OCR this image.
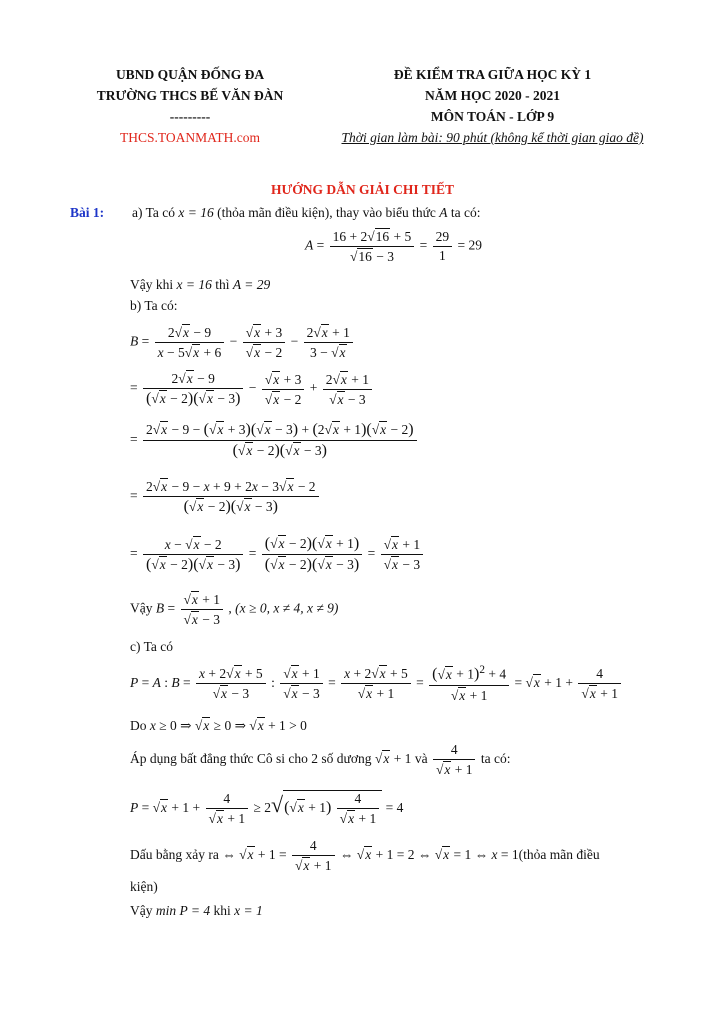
UBND QUẬN ĐỐNG ĐA
TRƯỜNG THCS BẾ VĂN ĐÀN
---------
THCS.TOANMATH.com
ĐỀ KIỂM TRA GIỮA HỌC KỲ 1
NĂM HỌC 2020 - 2021
MÔN TOÁN - LỚP 9
Thời gian làm bài: 90 phút (không kể thời gian giao đề)
HƯỚNG DẪN GIẢI CHI TIẾT
Bài 1: a) Ta có x = 16 (thỏa mãn điều kiện), thay vào biểu thức A ta có:
A = 16 + 2 √ 16 + 5
√ $16 - 3 = \frac{29}{1} = 29$
Vậy khi x = 16 thì A = 29
b) Ta có:
$B = \frac{2 √ x - 9}{x - 5 √ x + 6}$ − √ x + 3
√ $x - 2 - \frac{2 √ x + 1}{3 - √ x}$
= $\frac{2 √ x - 9}{( √ x - 2)( √ x - 3)}$ − √ x + 3
√ x − 2 + 2 √ x + 1
√ x − 3
= $\frac{2 √ x - 9 - ( √ x + 3)( √ x - 3) + (2 √ x + 1)( √ x - 2)}{( √ x - 2)( √ x - 3)}$
= $\frac{2 √ x - 9 - x + 9 + 2x - 3 √ x - 2}{( √ x - 2)( √ x - 3)}$
= $\frac{x - √ x - 2}{( √ x - 2)( √ x - 3)} = \frac{( √ x - 2)( √ x + 1)}{( √ x - 2)( √ x - 3)}$ = √ x + 1
√ x − 3
Vậy B = √ x + 1
√ x − 3 , (x ≥ 0, x ≠ 4, x ≠ 9)
c) Ta có
P = A : B = x + 2 √ x + 5
√ x − 3 : √ x + 1
√ x − 3 = x + 2 √ x + 5
√ x + 1 = ( √ x + 1)$^2$ + 4
√ x + 1 = √ x + 1 + 4
√ x + 1
Do x ≥ 0 ⇒ √ x ≥ 0 ⇒ √ x + 1 > 0
Áp dụng bất đẳng thức Cô si cho 2 số dương √ x + 1 và 4
√ x + 1 ta có:
P = √ x + 1 + 4
√ x + 1 ≥ 2 √ ( √ x + 1) 4
√ x + 1 = 4
Dấu bằng xảy ra ⇔ √ x + 1 = 4
√ x + 1 ⇔ √ x + 1 = 2 ⇔ √ x = 1 ⇔ x = 1(thỏa mãn điều
kiện)
Vậy min P = 4 khi x = 1
